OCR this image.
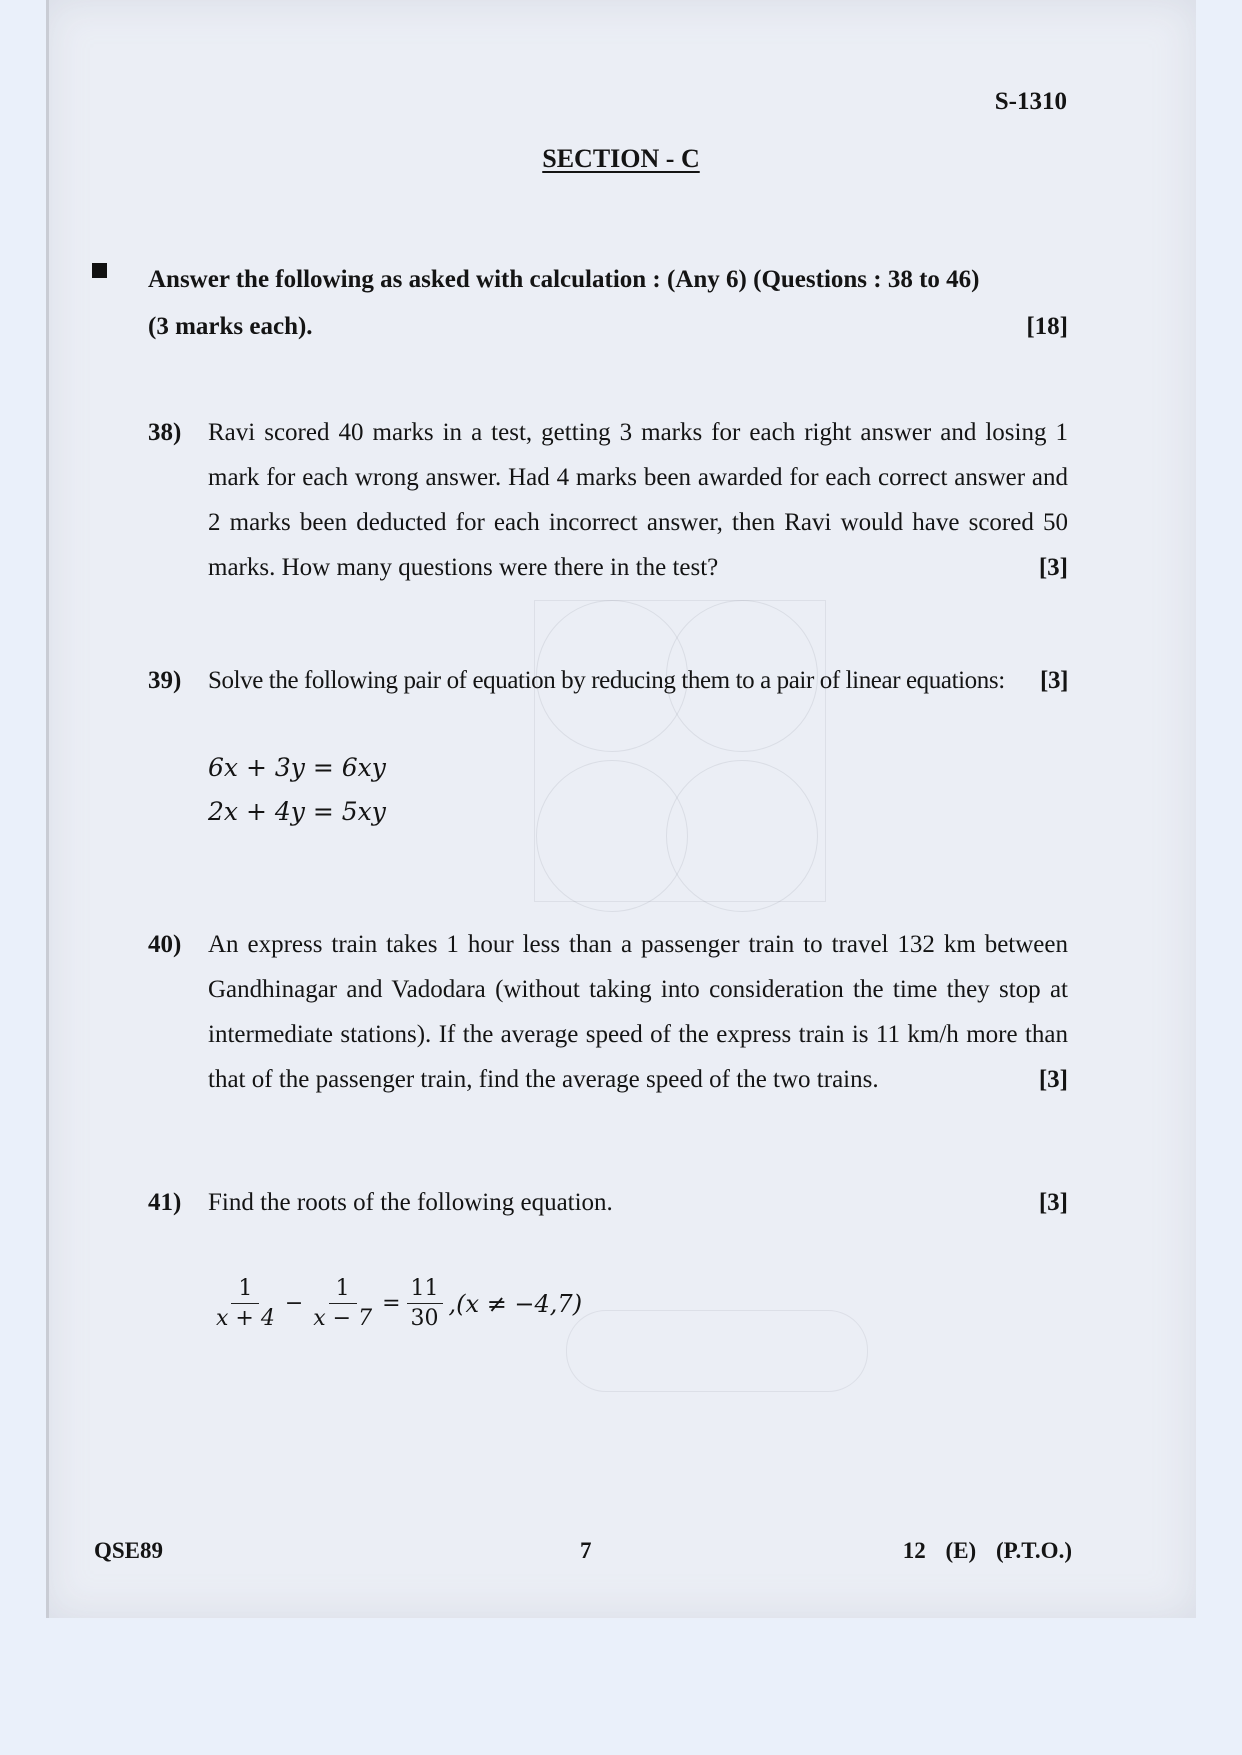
S-1310
SECTION - C
Answer the following as asked with calculation : (Any 6) (Questions : 38 to 46)
(3 marks each).	[18]
38) Ravi scored 40 marks in a test, getting 3 marks for each right answer and losing 1 mark for each wrong answer. Had 4 marks been awarded for each correct answer and 2 marks been deducted for each incorrect answer, then Ravi would have scored 50 marks. How many questions were there in the test?	[3]
39) Solve the following pair of equation by reducing them to a pair of linear equations: [3]
6x + 3y = 6xy
2x + 4y = 5xy
40) An express train takes 1 hour less than a passenger train to travel 132 km between Gandhinagar and Vadodara (without taking into consideration the time they stop at intermediate stations). If the average speed of the express train is 11 km/h more than that of the passenger train, find the average speed of the two trains.	[3]
41) Find the roots of the following equation.	[3]
$\frac{1}{x + 4} - \frac{1}{x - 7} = \frac{11}{30} ,(x \ne -4,7)$
QSE89	7	12 (E) (P.T.O.)
